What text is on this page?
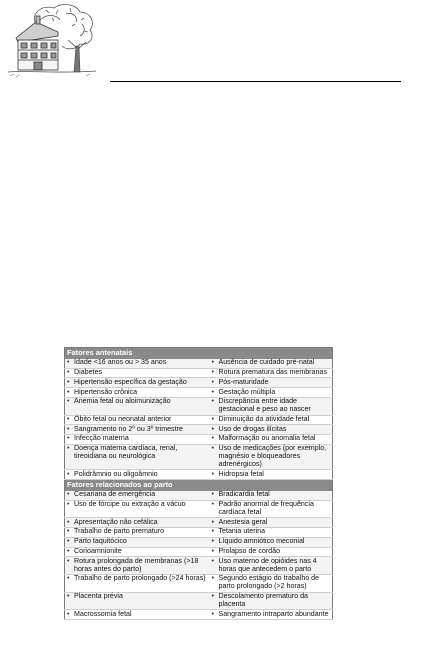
Fatores antenatais	

• Idade <16 anos ou > 35 anos	• Ausência de cuidado pré-natal

• Diabetes	• Rotura prematura das membranas

• Hipertensão específica da gestação	• Pós-maturidade

• Hipertensão crônica	• Gestação múltipla

• Anemia fetal ou aloimunização	• Discrepância entre idade gestacional e peso ao nascer

• Óbito fetal ou neonatal anterior	• Diminuição da atividade fetal

• Sangramento no 2º ou 3º trimestre	• Uso de drogas ilícitas

• Infecção materna	• Malformação ou anomalia fetal

• Doença materna cardíaca, renal, tireoidiana ou neurológica	• Uso de medicações (por exemplo, magnésio e bloqueadores adrenérgicos)

• Polidrâmnio ou oligoâmnio	• Hidropsia fetal

Fatores relacionados ao parto	

• Cesariana de emergência	• Bradicardia fetal

• Uso de fórcipe ou extração a vácuo	• Padrão anormal de frequência cardíaca fetal

• Apresentação não cefálica	• Anestesia geral

• Trabalho de parto prematuro	• Tetania uterina

• Parto taquitócico	• Líquido amniótico meconial

• Corioamnionite	• Prolapso de cordão

• Rotura prolongada de membranas (>18 horas antes do parto)	• Uso materno de opióides nas 4 horas que antecedem o parto

• Trabalho de parto prolongado (>24 horas)	• Segundo estágio do trabalho de parto prolongado (>2 horas)

• Placenta prévia	• Descolamento prematuro da placenta

• Macrossomia fetal	• Sangramento intraparto abundante
